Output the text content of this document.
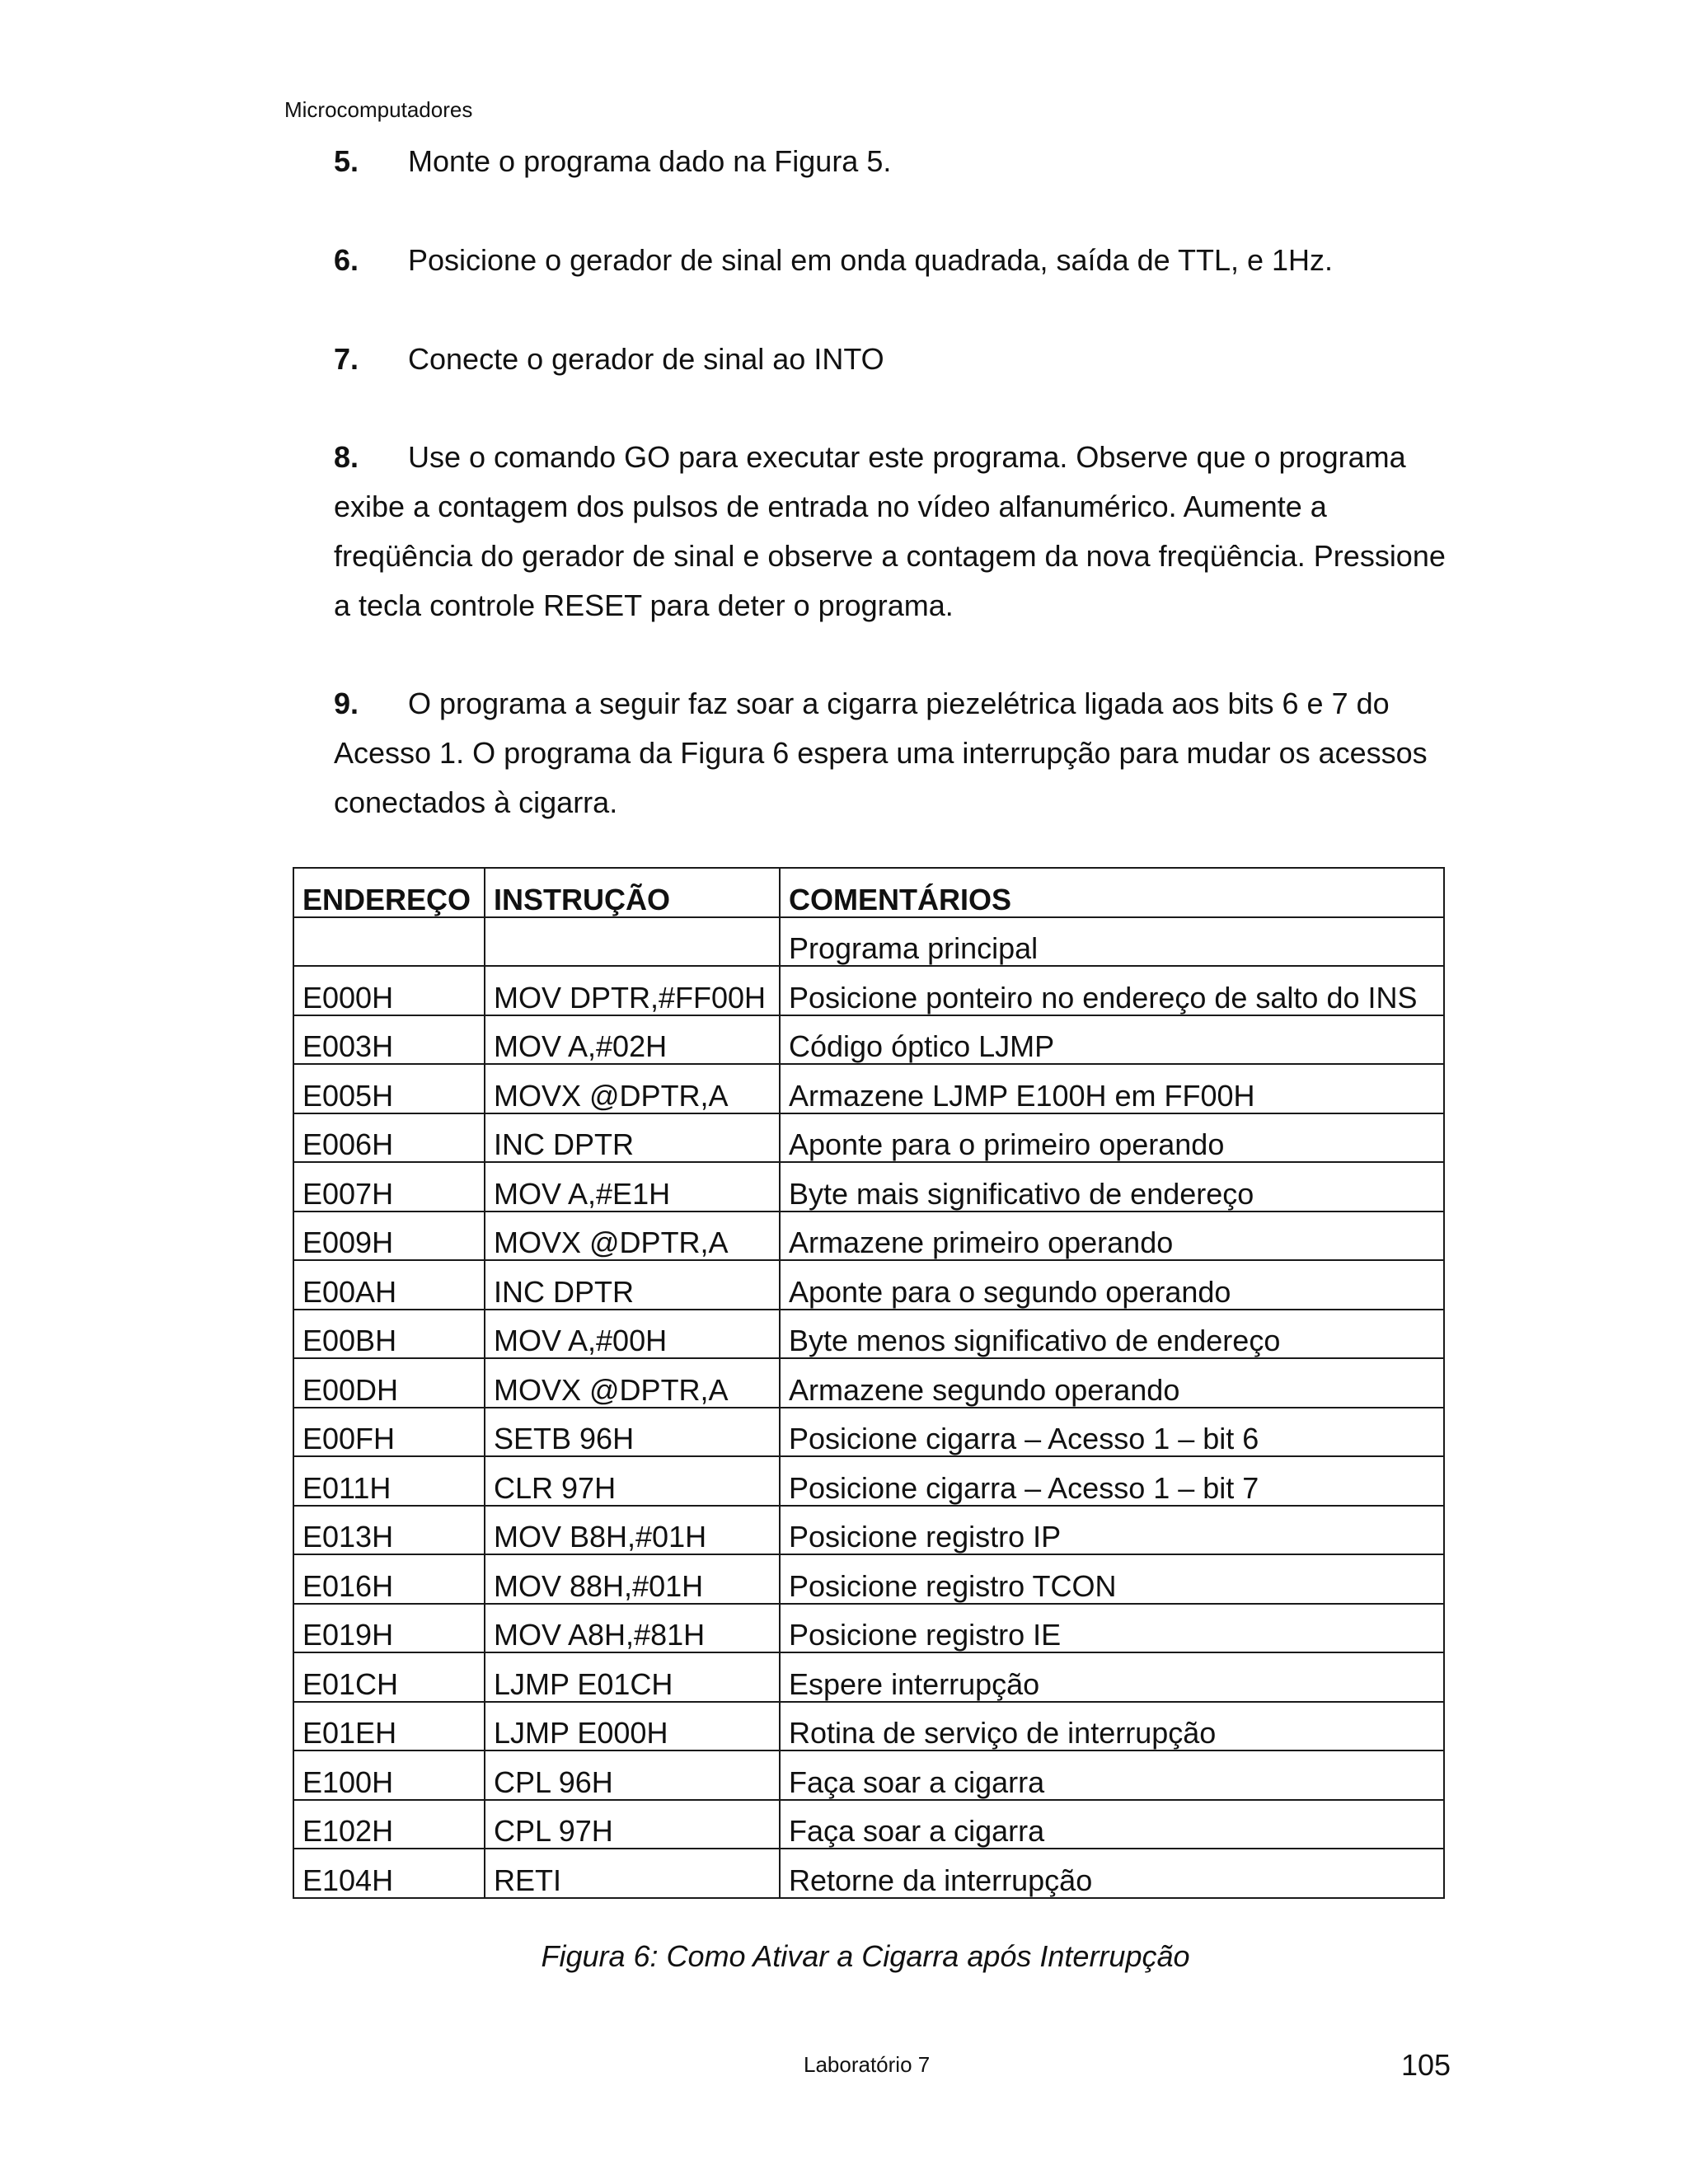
Microcomputadores
5. Monte o programa dado na Figura 5.
6. Posicione o gerador de sinal em onda quadrada, saída de TTL, e 1Hz.
7. Conecte o gerador de sinal ao INTO
8. Use o comando GO para executar este programa. Observe que o programa exibe a contagem dos pulsos de entrada no vídeo alfanumérico. Aumente a freqüência do gerador de sinal e observe a contagem da nova freqüência. Pressione a tecla controle RESET para deter o programa.
9. O programa a seguir faz soar a cigarra piezelétrica ligada aos bits 6 e 7 do Acesso 1. O programa da Figura 6 espera uma interrupção para mudar os acessos conectados à cigarra.
ENDEREÇO	INSTRUÇÃO	COMENTÁRIOS
		Programa principal
E000H	MOV DPTR,#FF00H	Posicione ponteiro no endereço de salto do INS
E003H	MOV A,#02H	Código óptico LJMP
E005H	MOVX @DPTR,A	Armazene LJMP E100H em FF00H
E006H	INC DPTR	Aponte para o primeiro operando
E007H	MOV A,#E1H	Byte mais significativo de endereço
E009H	MOVX @DPTR,A	Armazene primeiro operando
E00AH	INC DPTR	Aponte para o segundo operando
E00BH	MOV A,#00H	Byte menos significativo de endereço
E00DH	MOVX @DPTR,A	Armazene segundo operando
E00FH	SETB 96H	Posicione cigarra – Acesso 1 – bit 6
E011H	CLR 97H	Posicione cigarra – Acesso 1 – bit 7
E013H	MOV B8H,#01H	Posicione registro IP
E016H	MOV 88H,#01H	Posicione registro TCON
E019H	MOV A8H,#81H	Posicione registro IE
E01CH	LJMP E01CH	Espere interrupção
E01EH	LJMP E000H	Rotina de serviço de interrupção
E100H	CPL 96H	Faça soar a cigarra
E102H	CPL 97H	Faça soar a cigarra
E104H	RETI	Retorne da interrupção
Figura 6: Como Ativar a Cigarra após Interrupção
Laboratório 7	105
